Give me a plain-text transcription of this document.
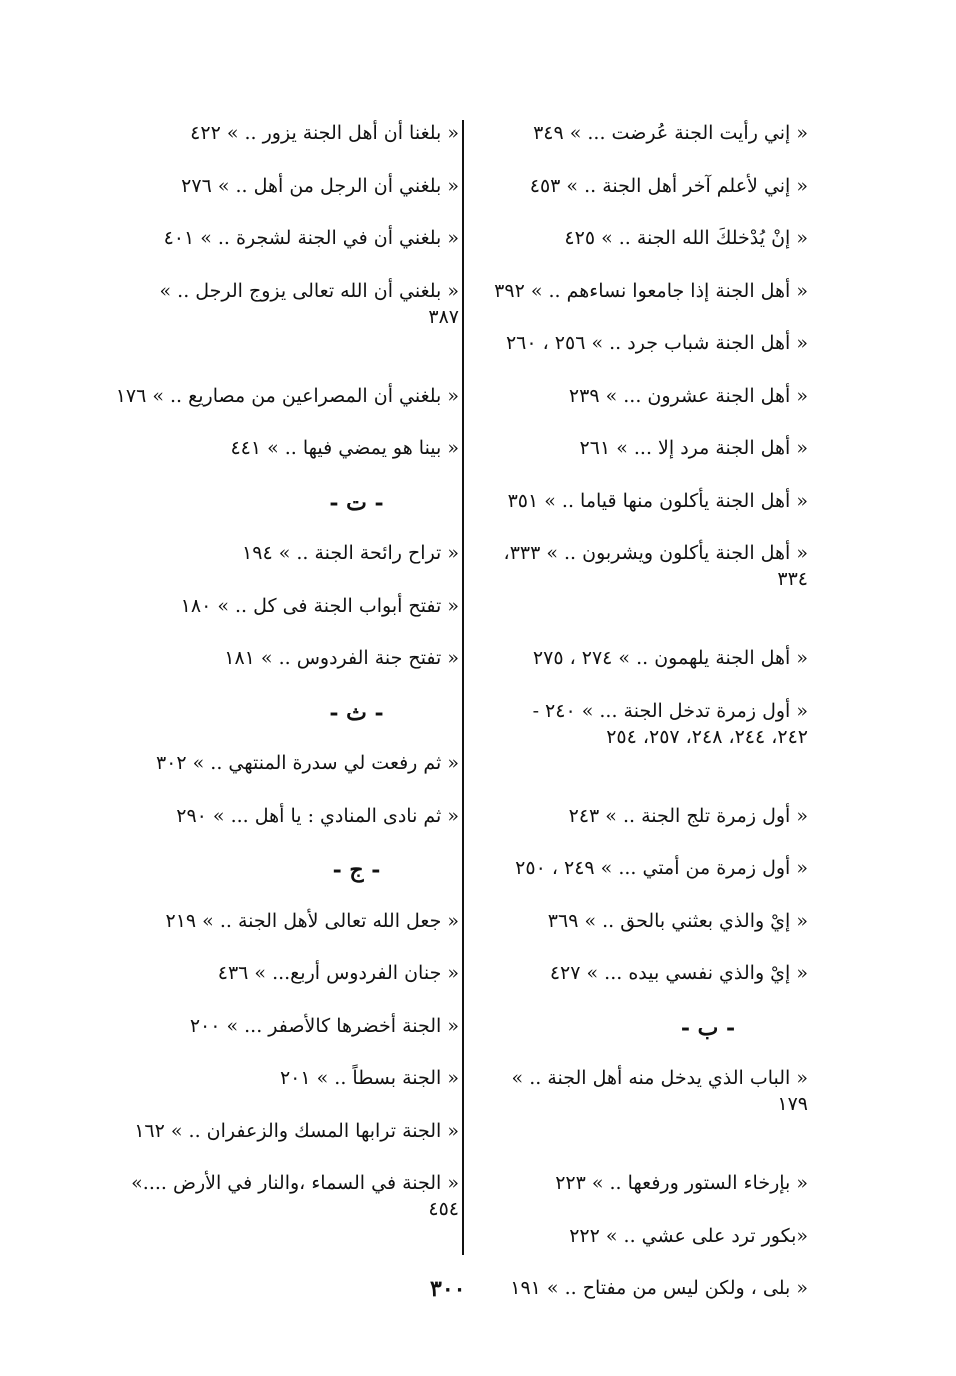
« إني رأيت الجنة عُرضت ... » ٣٤٩
« إني لأعلم آخر أهل الجنة .. » ٤٥٣
« إنْ يُدْخلكَ الله الجنة .. » ٤٢٥
« أهل الجنة إذا جامعوا نساءهم .. » ٣٩٢
« أهل الجنة شباب جرد .. » ٢٥٦ ، ٢٦٠
« أهل الجنة عشرون ... » ٢٣٩
« أهل الجنة مرد إلا ... » ٢٦١
« أهل الجنة يأكلون منها قياما .. » ٣٥١
« أهل الجنة يأكلون ويشربون .. » ٣٣٣،
٣٣٤
« أهل الجنة يلهمون .. » ٢٧٤ ، ٢٧٥
« أول زمرة تدخل الجنة ... » ٢٤٠ -
٢٤٢، ٢٤٤، ٢٤٨، ٢٥٧، ٢٥٤
« أول زمرة تلج الجنة .. » ٢٤٣
« أول زمرة من أمتي ... » ٢٤٩ ، ٢٥٠
« إيْ والذي بعثني بالحق .. » ٣٦٩
« إيْ والذي نفسي بيده ... » ٤٢٧
- ب -
« الباب الذي يدخل منه أهل الجنة .. »
١٧٩
« بإرخاء الستور ورفعها .. » ٢٢٣
«بكور ترد على عشي .. » ٢٢٢
« بلى ، ولكن ليس من مفتاح .. » ١٩١
« بلغنا أن أهل الجنة يزور .. » ٤٢٢
« بلغني أن الرجل من أهل .. » ٢٧٦
« بلغني أن في الجنة لشجرة .. » ٤٠١
« بلغني أن الله تعالى يزوج الرجل .. »
٣٨٧
« بلغني أن المصراعين من مصاريع .. » ١٧٦
« بينا هو يمضي فيها .. » ٤٤١
- ت -
« تراح رائحة الجنة .. » ١٩٤
« تفتح أبواب الجنة فى كل .. » ١٨٠
« تفتح جنة الفردوس .. » ١٨١
- ث -
« ثم رفعت لي سدرة المنتهي .. » ٣٠٢
« ثم نادى المنادي : يا أهل ... » ٢٩٠
- ج -
« جعل الله تعالى لأهل الجنة .. » ٢١٩
« جنان الفردوس أربع... » ٤٣٦
« الجنة أخضرها كالأصفر ... » ٢٠٠
« الجنة بسطاً .. » ٢٠١
« الجنة ترابها المسك والزعفران .. » ١٦٢
« الجنة في السماء ،والنار في الأرض ....»
٤٥٤
٣٠٠
